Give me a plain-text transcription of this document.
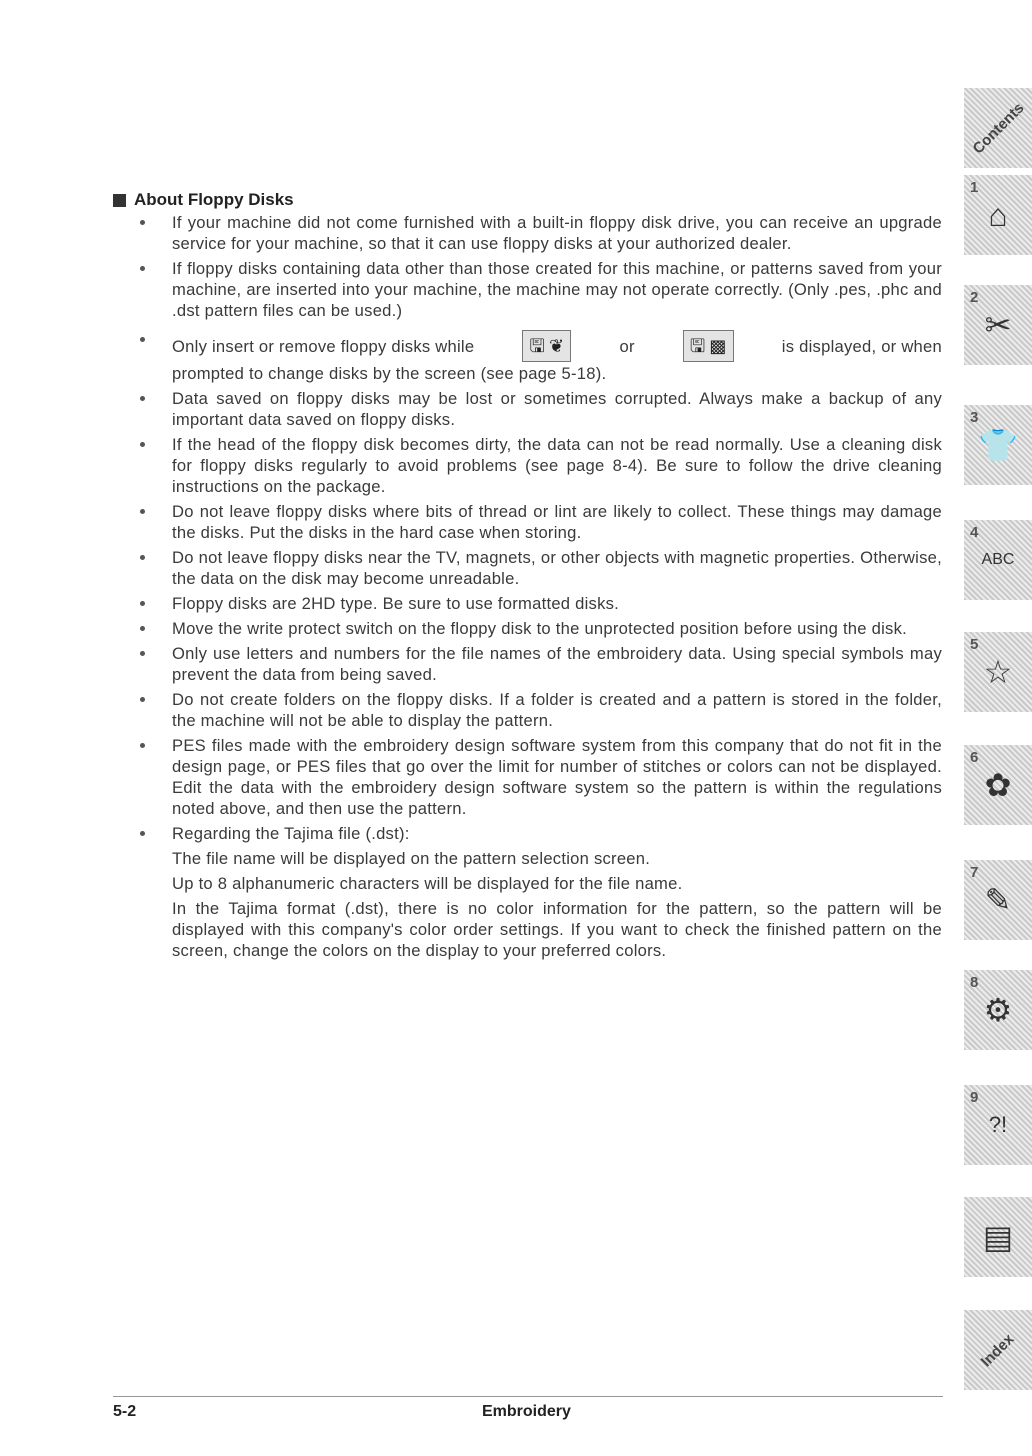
About Floppy Disks
If your machine did not come furnished with a built-in floppy disk drive, you can receive an upgrade service for your machine, so that it can use floppy disks at your authorized dealer.
If floppy disks containing data other than those created for this machine, or patterns saved from your machine, are inserted into your machine, the machine may not operate correctly. (Only .pes, .phc and .dst pattern files can be used.)
Only insert or remove floppy disks while	🖫 ❦	or	🖫 ▩	is displayed, or when
prompted to change disks by the screen (see page 5-18).
Data saved on floppy disks may be lost or sometimes corrupted. Always make a backup of any important data saved on floppy disks.
If the head of the floppy disk becomes dirty, the data can not be read normally. Use a cleaning disk for floppy disks regularly to avoid problems (see page 8-4). Be sure to follow the drive cleaning instructions on the package.
Do not leave floppy disks where bits of thread or lint are likely to collect. These things may damage the disks. Put the disks in the hard case when storing.
Do not leave floppy disks near the TV, magnets, or other objects with magnetic properties. Otherwise, the data on the disk may become unreadable.
Floppy disks are 2HD type. Be sure to use formatted disks.
Move the write protect switch on the floppy disk to the unprotected position before using the disk.
Only use letters and numbers for the file names of the embroidery data. Using special symbols may prevent the data from being saved.
Do not create folders on the floppy disks. If a folder is created and a pattern is stored in the folder, the machine will not be able to display the pattern.
PES files made with the embroidery design software system from this company that do not fit in the design page, or PES files that go over the limit for number of stitches or colors can not be displayed. Edit the data with the embroidery design software system so the pattern is within the regulations noted above, and then use the pattern.
Regarding the Tajima file (.dst):
The file name will be displayed on the pattern selection screen.
Up to 8 alphanumeric characters will be displayed for the file name.
In the Tajima format (.dst), there is no color information for the pattern, so the pattern will be displayed with this company's color order settings. If you want to check the finished pattern on the screen, change the colors on the display to your preferred colors.
5-2	Embroidery
Contents
1
⌂
2
✂
3
👕
4
ABC
5
☆
6
✿
7
✎
8
⚙
9
?!
▤
Index
